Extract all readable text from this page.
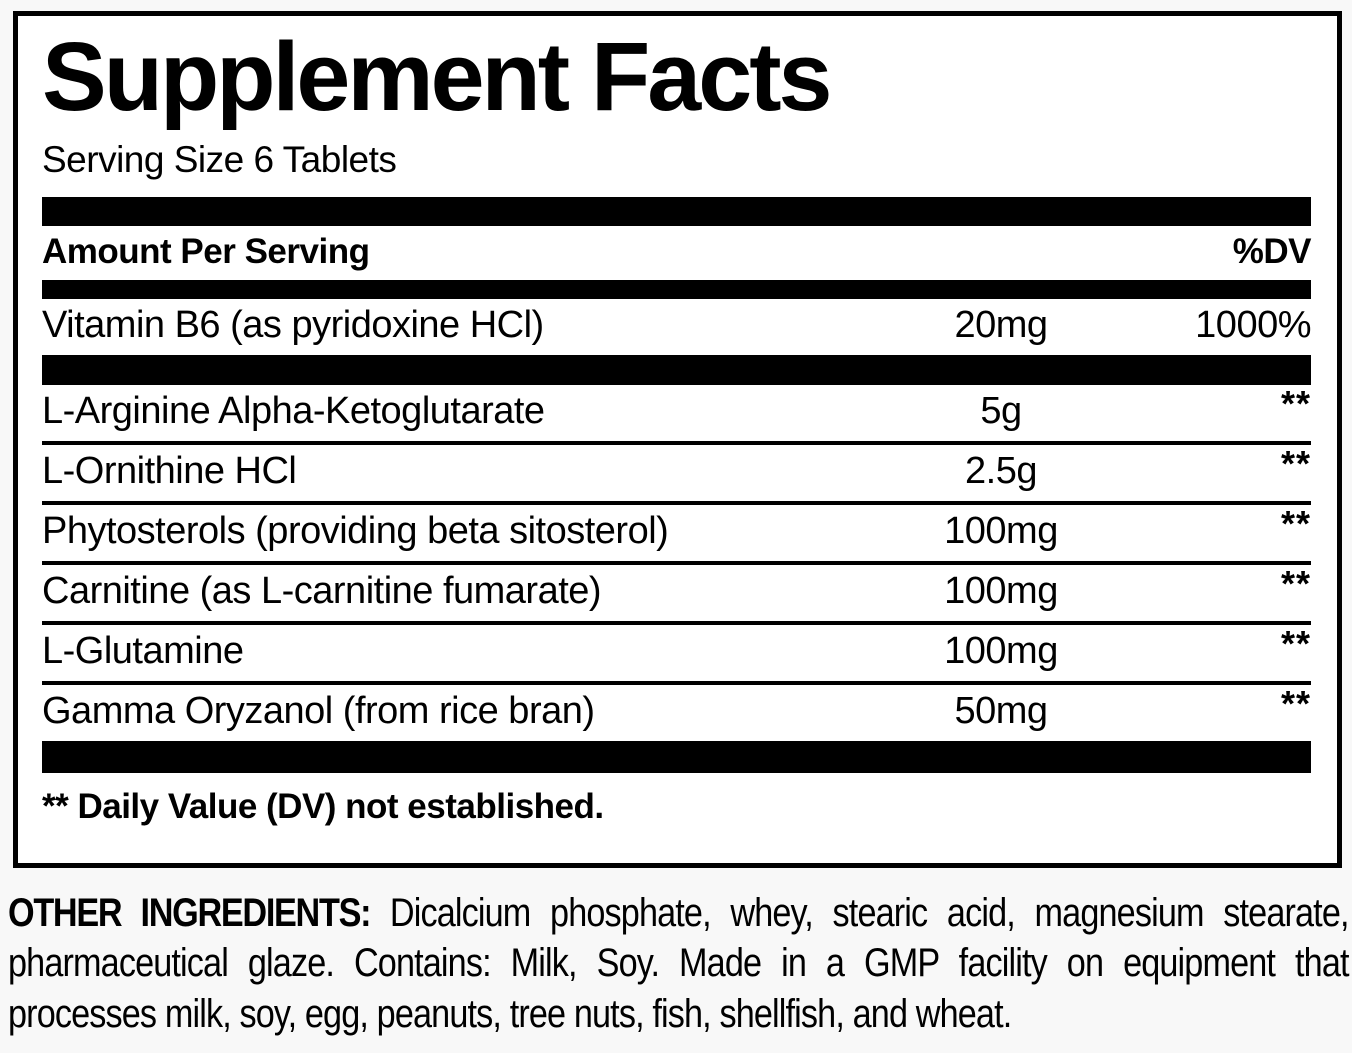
Supplement Facts
Serving Size 6 Tablets
Amount Per Serving	%DV
Vitamin B6 (as pyridoxine HCl)	20mg	1000%
L-Arginine Alpha-Ketoglutarate	5g	**
L-Ornithine HCl	2.5g	**
Phytosterols (providing beta sitosterol)	100mg	**
Carnitine (as L-carnitine fumarate)	100mg	**
L-Glutamine	100mg	**
Gamma Oryzanol (from rice bran)	50mg	**
** Daily Value (DV) not established.

OTHER INGREDIENTS: Dicalcium phosphate, whey, stearic acid, magnesium stearate, pharmaceutical glaze. Contains: Milk, Soy. Made in a GMP facility on equipment that processes milk, soy, egg, peanuts, tree nuts, fish, shellfish, and wheat.
